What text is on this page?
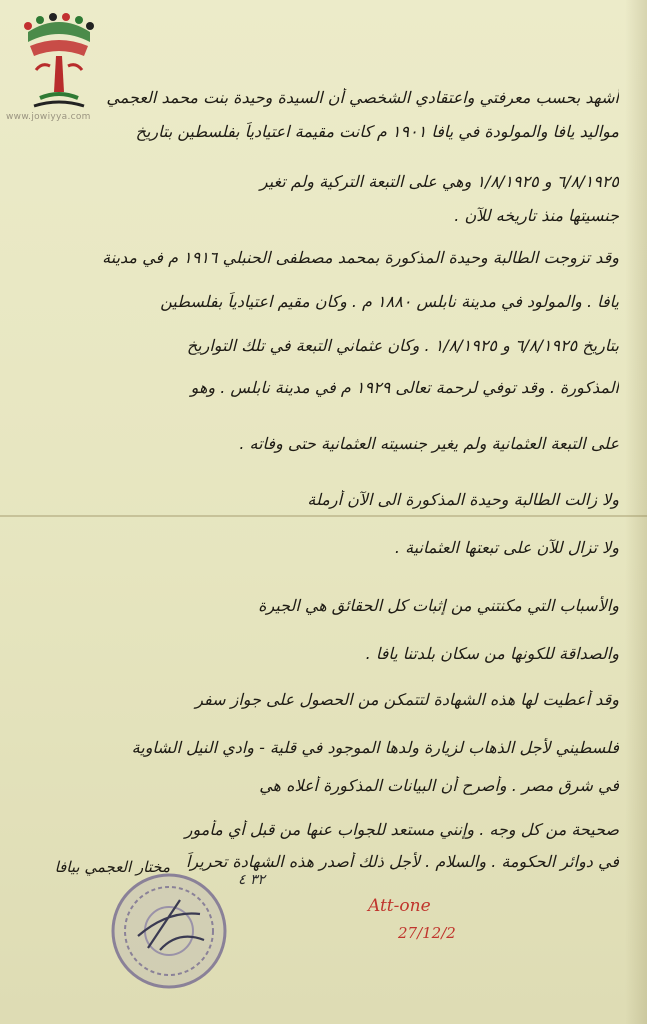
www.jowiyya.com
أشهد بحسب معرفتي واعتقادي الشخصي أن السيدة وحيدة بنت محمد العجمي
مواليد يافا والمولودة في يافا ١٩٠١ م كانت مقيمة اعتيادياً بفلسطين بتاريخ
٦/٨/١٩٢٥ و ١/٨/١٩٢٥ وهي على التبعة التركية ولم تغير
جنسيتها منذ تاريخه للآن .
وقد تزوجت الطالبة وحيدة المذكورة بمحمد مصطفى الحنبلي ١٩١٦ م في مدينة
يافا . والمولود في مدينة نابلس ١٨٨٠ م . وكان مقيم اعتيادياً بفلسطين
بتاريخ ٦/٨/١٩٢٥ و ١/٨/١٩٢٥ . وكان عثماني التبعة في تلك التواريخ
المذكورة . وقد توفي لرحمة تعالى ١٩٢٩ م في مدينة نابلس . وهو
على التبعة العثمانية ولم يغير جنسيته العثمانية حتى وفاته .
ولا زالت الطالبة وحيدة المذكورة الى الآن أرملة
ولا تزال للآن على تبعتها العثمانية .
والأسباب التي مكنتني من إثبات كل الحقائق هي الجيرة
والصداقة للكونها من سكان بلدتنا يافا .
وقد أعطيت لها هذه الشهادة لتتمكن من الحصول على جواز سفر
فلسطيني لأجل الذهاب لزيارة ولدها الموجود في قلية - وادي النيل الشاوية
في شرق مصر . وأصرح أن البيانات المذكورة أعلاه هي
صحيحة من كل وجه . وإنني مستعد للجواب عنها من قبل أي مأمور
في دوائر الحكومة . والسلام . لأجل ذلك أصدر هذه الشهادة تحريراً
مختار العجمي بيافا
٣٢ ٤
Att-one
27/12/2
